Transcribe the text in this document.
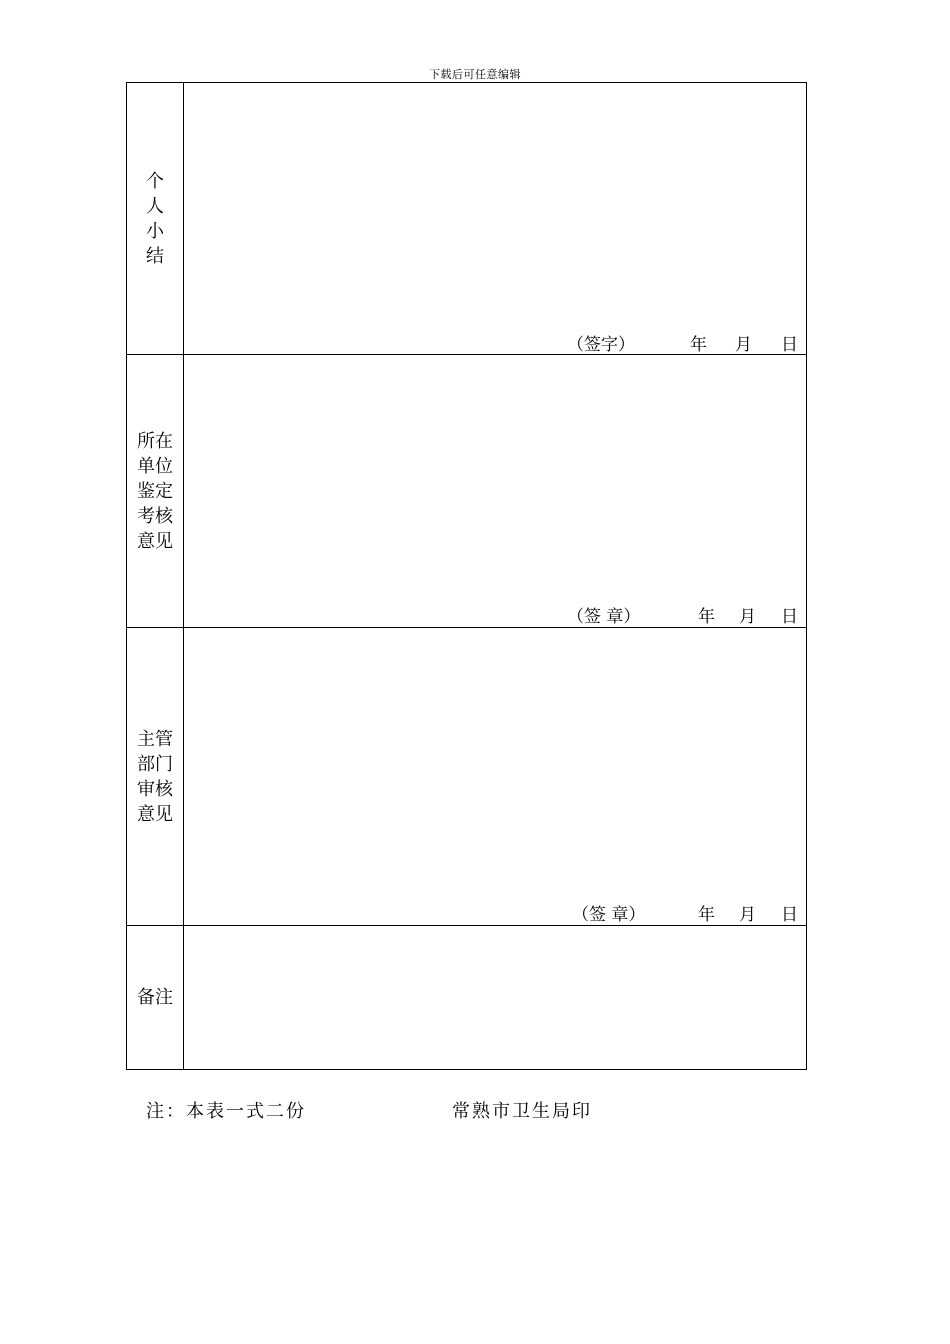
下载后可任意编辑
个人小结
（签字）	年 月 日
所在单位鉴定考核意见
（签 章）	年 月 日
主管部门审核意见
（签 章）	年 月 日
备注
注：本表一式二份	常熟市卫生局印
